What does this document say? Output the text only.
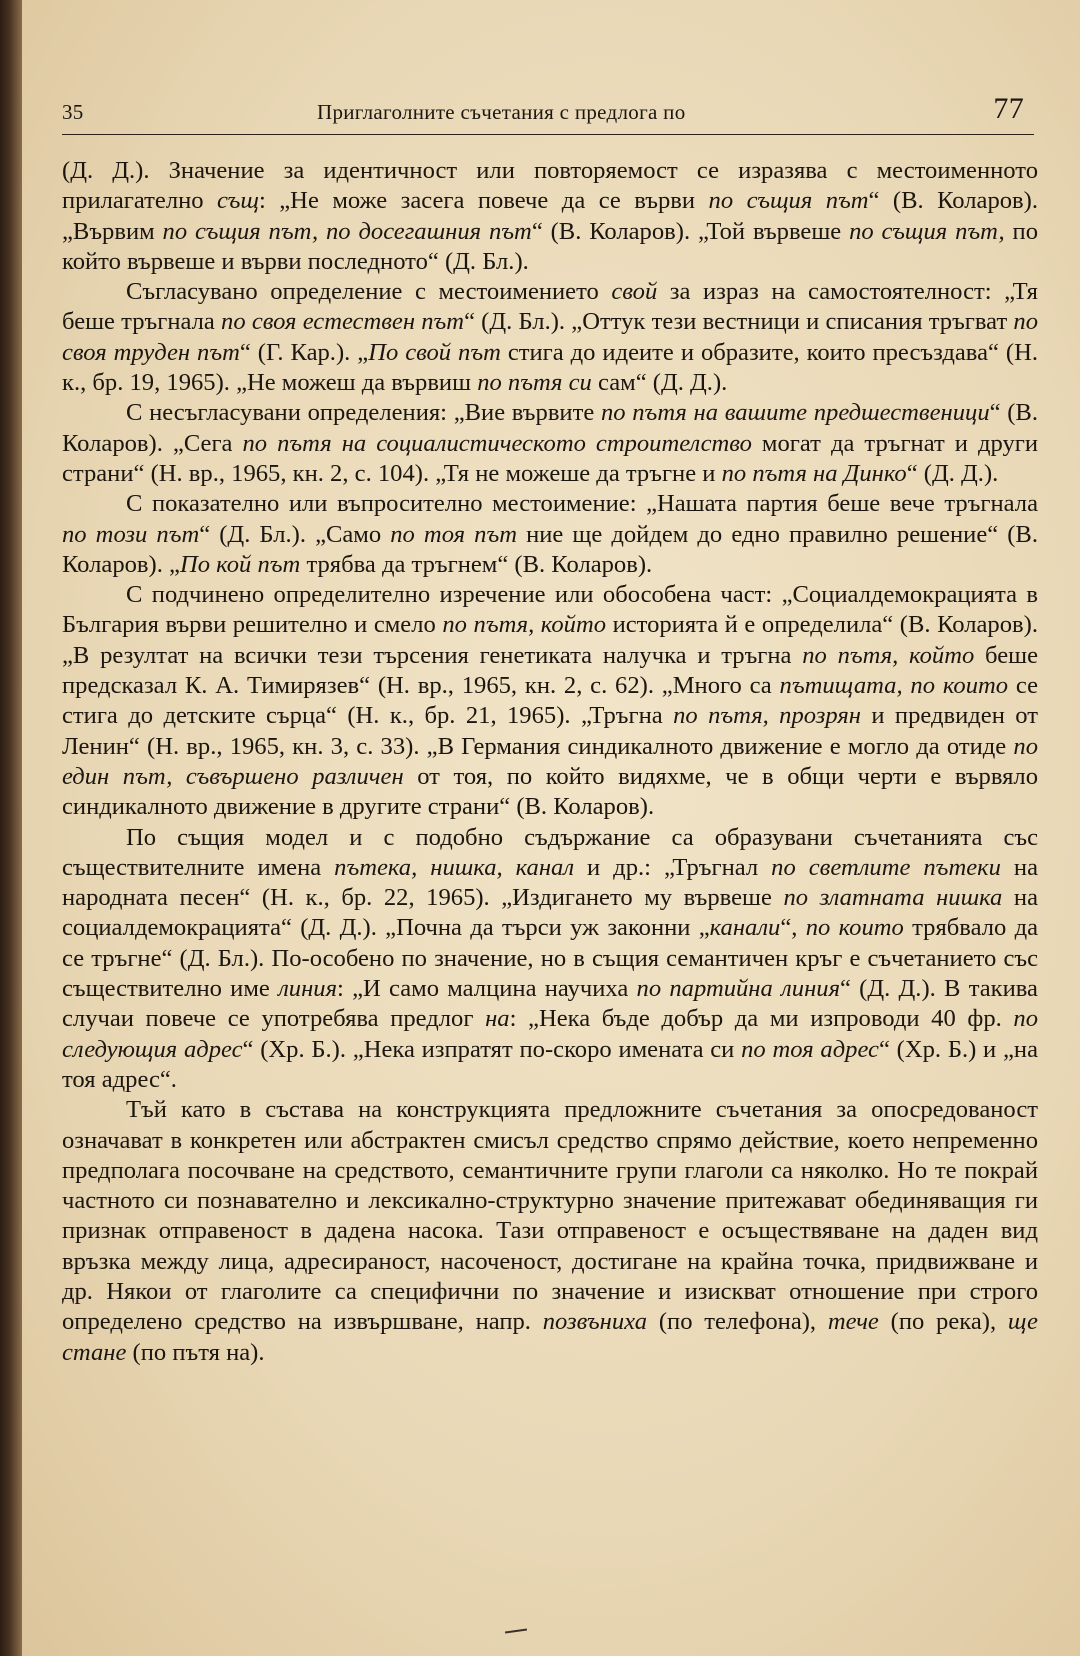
35	Приглаголните съчетания с предлога по	77

(Д. Д.). Значение за идентичност или повторяемост се изразява с местоименното прилагателно същ: „Не може засега повече да се върви по същия път“ (В. Коларов). „Вървим по същия път, по досегашния път“ (В. Коларов). „Той вървеше по същия път, по който вървеше и върви последното“ (Д. Бл.).

Съгласувано определение с местоимението свой за израз на самостоятелност: „Тя беше тръгнала по своя естествен път“ (Д. Бл.). „Оттук тези вестници и списания тръгват по своя труден път“ (Г. Кар.). „По свой път стига до идеите и образите, които пресъздава“ (Н. к., бр. 19, 1965). „Не можеш да вървиш по пътя си сам“ (Д. Д.).

С несъгласувани определения: „Вие вървите по пътя на вашите предшественици“ (В. Коларов). „Сега по пътя на социалистическото строителство могат да тръгнат и други страни“ (Н. вр., 1965, кн. 2, с. 104). „Тя не можеше да тръгне и по пътя на Динко“ (Д. Д.).

С показателно или въпросително местоимение: „Нашата партия беше вече тръгнала по този път“ (Д. Бл.). „Само по тоя път ние ще дойдем до едно правилно решение“ (В. Коларов). „По кой път трябва да тръгнем“ (В. Коларов).

С подчинено определително изречение или обособена част: „Социалдемокрацията в България върви решително и смело по пътя, който историята й е определила“ (В. Коларов). „В резултат на всички тези търсения генетиката налучка и тръгна по пътя, който беше предсказал К. А. Тимирязев“ (Н. вр., 1965, кн. 2, с. 62). „Много са пътищата, по които се стига до детските сърца“ (Н. к., бр. 21, 1965). „Тръгна по пътя, прозрян и предвиден от Ленин“ (Н. вр., 1965, кн. 3, с. 33). „В Германия синдикалното движение е могло да отиде по един път, съвършено различен от тоя, по който видяхме, че в общи черти е вървяло синдикалното движение в другите страни“ (В. Коларов).

По същия модел и с подобно съдържание са образувани съчетанията със съществителните имена пътека, нишка, канал и др.: „Тръгнал по светлите пътеки на народната песен“ (Н. к., бр. 22, 1965). „Издигането му вървеше по златната нишка на социалдемокрацията“ (Д. Д.). „Почна да търси уж законни „канали“, по които трябвало да се тръгне“ (Д. Бл.). По-особено по значение, но в същия семантичен кръг е съчетанието със съществително име линия: „И само малцина научиха по партийна линия“ (Д. Д.). В такива случаи повече се употребява предлог на: „Нека бъде добър да ми изпроводи 40 фр. по следующия адрес“ (Хр. Б.). „Нека изпратят по-скоро имената си по тоя адрес“ (Хр. Б.) и „на тоя адрес“.

Тъй като в състава на конструкцията предложните съчетания за опосредованост означават в конкретен или абстрактен смисъл средство спрямо действие, което непременно предполага посочване на средството, семантичните групи глаголи са няколко. Но те покрай частното си познавателно и лексикално-структурно значение притежават обединяващия ги признак отправеност в дадена насока. Тази отправеност е осъществяване на даден вид връзка между лица, адресираност, насоченост, достигане на крайна точка, придвижване и др. Някои от глаголите са специфични по значение и изискват отношение при строго определено средство на извършване, напр. позвъниха (по телефона), тече (по река), ще стане (по пътя на).
